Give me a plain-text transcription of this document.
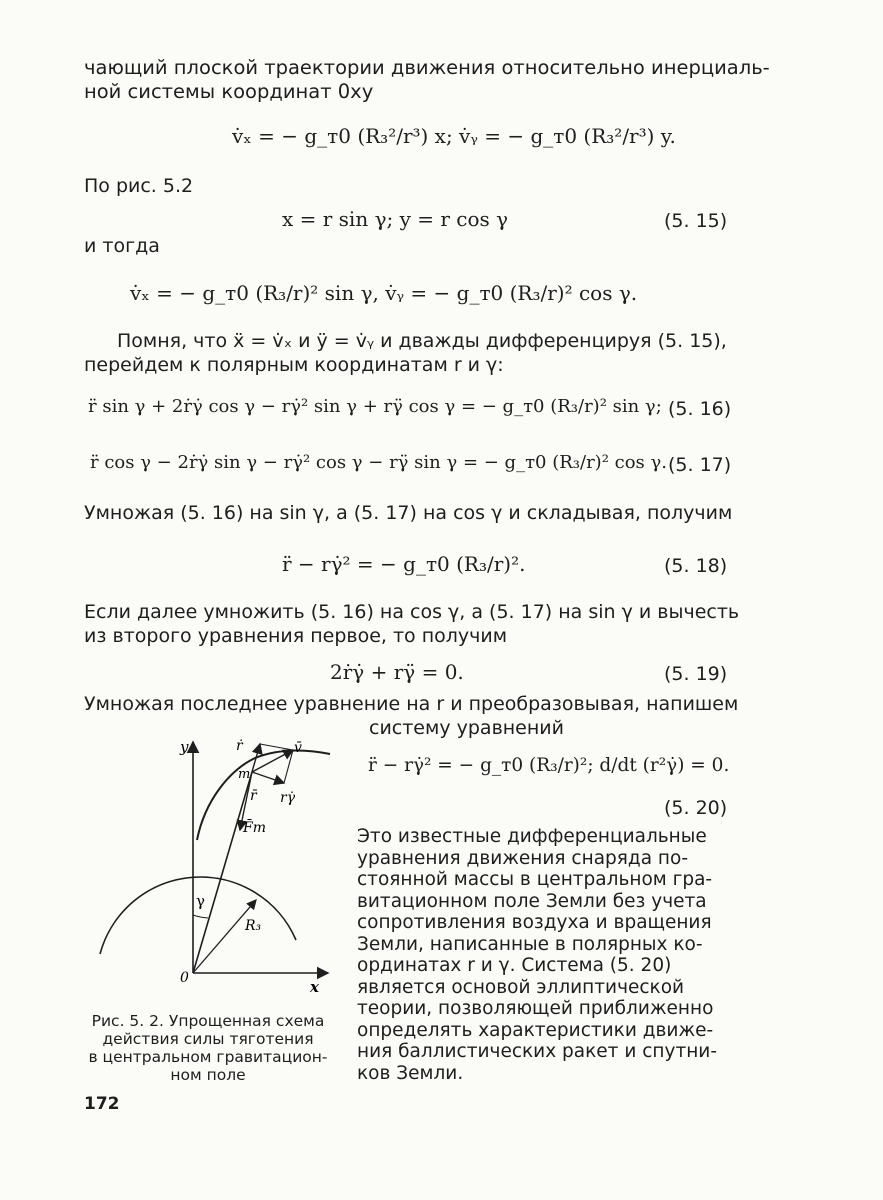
чающий плоской траектории движения относительно инерциаль-
ной системы координат 0xy
v̇ₓ = − g_т0 (R₃²/r³) x; v̇ᵧ = − g_т0 (R₃²/r³) y.
По рис. 5.2
x = r sin γ; y = r cos γ	(5. 15)
и тогда
v̇ₓ = − g_т0 (R₃/r)² sin γ, v̇ᵧ = − g_т0 (R₃/r)² cos γ.
Помня, что ẍ = v̇ₓ и ÿ = v̇ᵧ и дважды дифференцируя (5. 15),
перейдем к полярным координатам r и γ:
r̈ sin γ + 2ṙγ̇ cos γ − rγ̇² sin γ + rγ̈ cos γ = − g_т0 (R₃/r)² sin γ; (5. 16)
r̈ cos γ − 2ṙγ̇ sin γ − rγ̇² cos γ − rγ̈ sin γ = − g_т0 (R₃/r)² cos γ. (5. 17)
Умножая (5. 16) на sin γ, а (5. 17) на cos γ и складывая, получим
r̈ − rγ̇² = − g_т0 (R₃/r)².	(5. 18)
Если далее умножить (5. 16) на cos γ, а (5. 17) на sin γ и вычесть
из второго уравнения первое, то получим
2ṙγ̇ + rγ̈ = 0.	(5. 19)
Умножая последнее уравнение на r и преобразовывая, напишем
систему уравнений
r̈ − rγ̇² = − g_т0 (R₃/r)²; d/dt (r²γ̇) = 0.
(5. 20)
Это известные дифференциальные
уравнения движения снаряда по-
стоянной массы в центральном гра-
витационном поле Земли без учета
сопротивления воздуха и вращения
Земли, написанные в полярных ко-
ординатах r и γ. Система (5. 20)
является основой эллиптической
теории, позволяющей приближенно
определять характеристики движе-
ния баллистических ракет и спутни-
ков Земли.
y
x
0
γ
R₃
m
ṙ	v̄
r̄ rγ̇
F̄т
Рис. 5. 2. Упрощенная схема
действия силы тяготения
в центральном гравитацион-
ном поле
172
